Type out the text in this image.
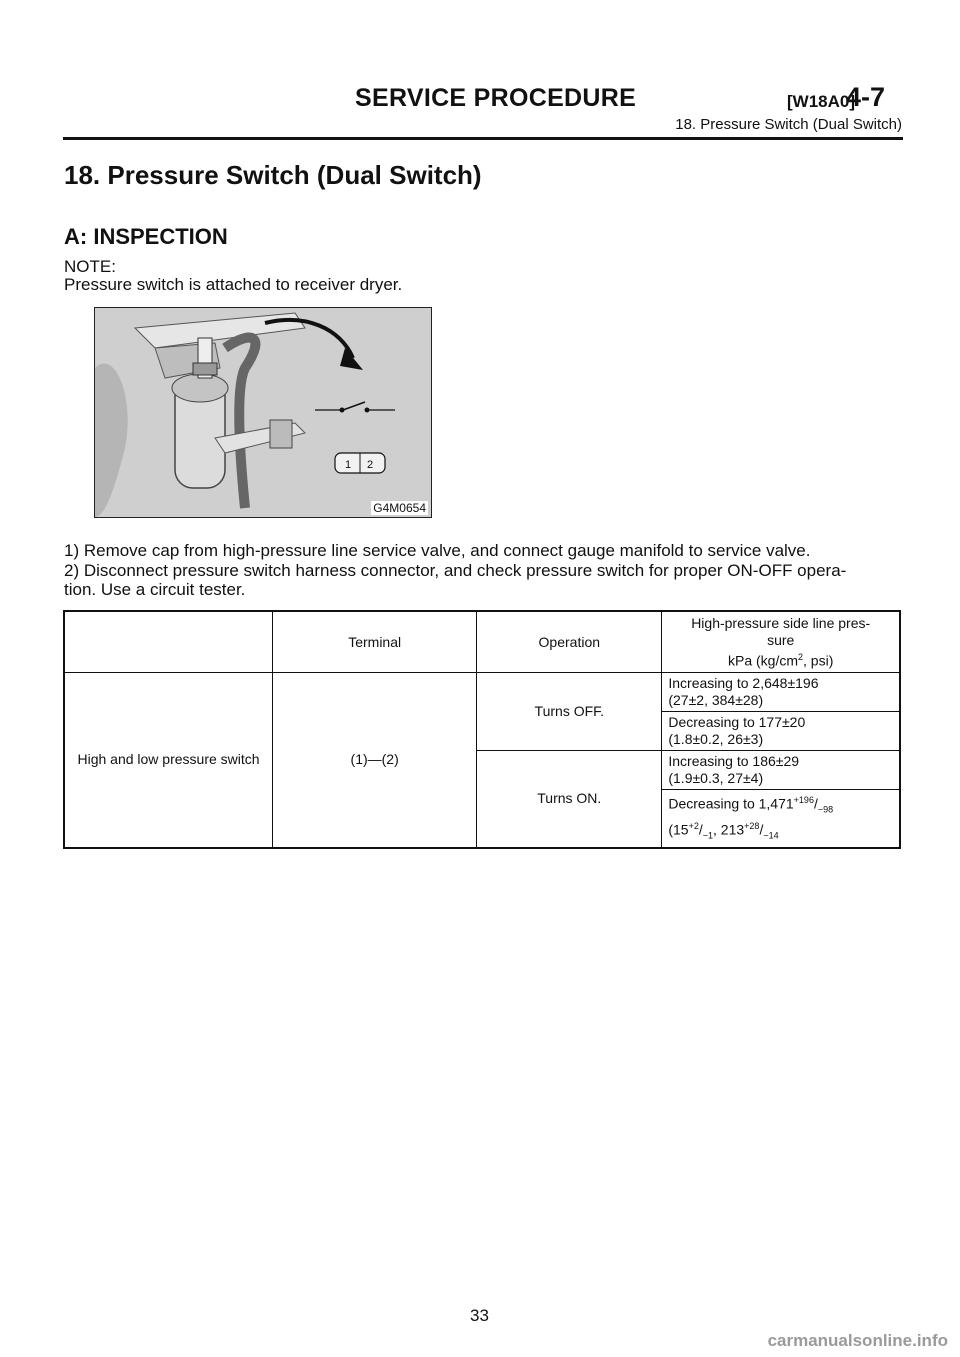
SERVICE PROCEDURE	[W18A0]
4-7
18. Pressure Switch (Dual Switch)
18. Pressure Switch (Dual Switch)
A: INSPECTION
NOTE:
Pressure switch is attached to receiver dryer.
1 2
G4M0654
1) Remove cap from high-pressure line service valve, and connect gauge manifold to service valve.
2) Disconnect pressure switch harness connector, and check pressure switch for proper ON-OFF opera-
tion. Use a circuit tester.
	Terminal	Operation	High-pressure side line pres-
sure
kPa ($kg/cm^2$, psi)
High and low pressure switch	(1)—(2)	Turns OFF.	Increasing to 2,648±196
(27±2, 384±28)

			Decreasing to 177±20
(1.8±0.2, 26±3)

		Turns ON.	Increasing to 186±29
(1.9±0.3, 27±4)

			Decreasing to $1,471^{+196}/_{-98}$
($15^{+2}/_{-1}$, $213^{+28}/_{-14}$
33
carmanualsonline.info
